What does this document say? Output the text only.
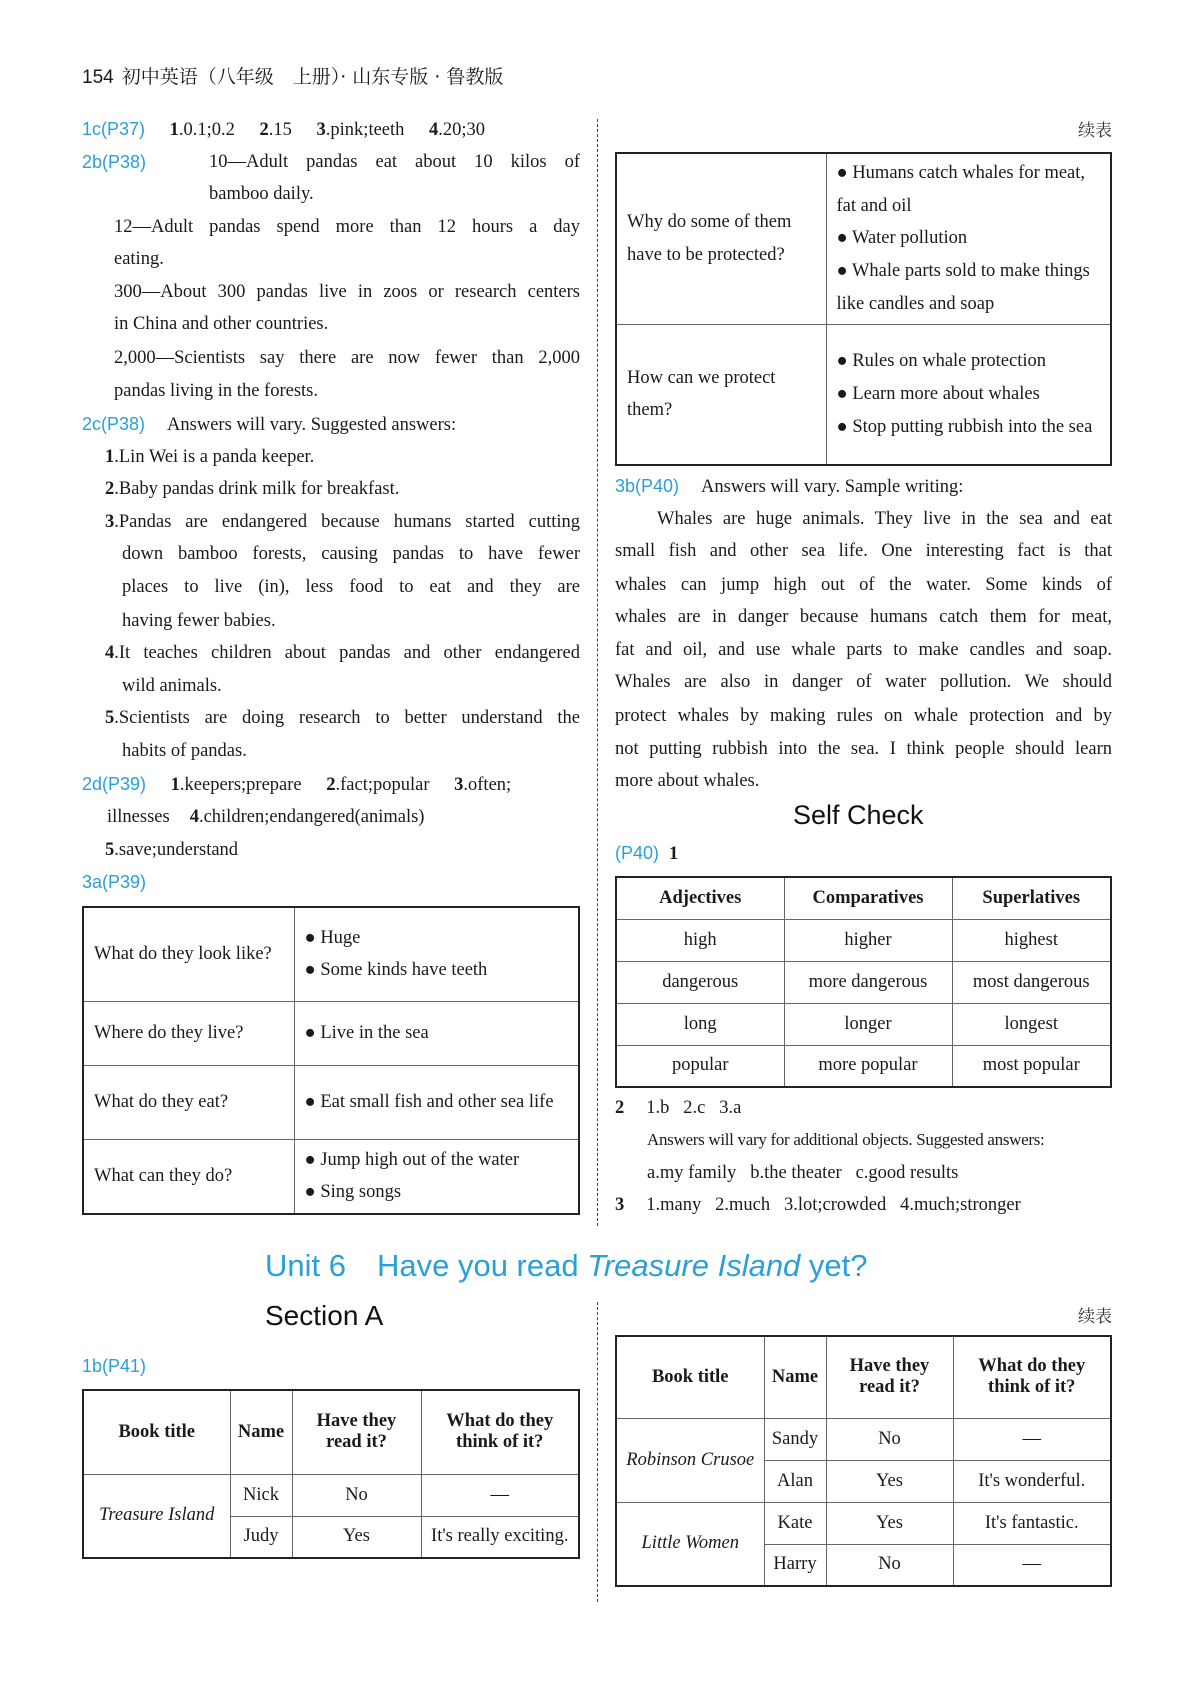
154 初中英语（八年级　上册）· 山东专版 · 鲁教版
1c(P37) 1.0.1;0.2 2.15 3.pink;teeth 4.20;30
2b(P38)	10—Adult pandas eat about 10 kilos of
bamboo daily.
12—Adult pandas spend more than 12 hours a day
eating.
300—About 300 pandas live in zoos or research centers
in China and other countries.
2,000—Scientists say there are now fewer than 2,000
pandas living in the forests.
2c(P38) Answers will vary. Suggested answers:
1.Lin Wei is a panda keeper.
2.Baby pandas drink milk for breakfast.
3.Pandas are endangered because humans started cutting
down bamboo forests, causing pandas to have fewer
places to live (in), less food to eat and they are
having fewer babies.
4.It teaches children about pandas and other endangered
wild animals.
5.Scientists are doing research to better understand the
habits of pandas.
2d(P39) 1.keepers;prepare 2.fact;popular 3.often;
illnesses 4.children;endangered(animals)
5.save;understand
3a(P39)
What do they look like?	● Huge
● Some kinds have teeth

Where do they live?	● Live in the sea

What do they eat?	● Eat small fish and other sea life

What can they do?	● Jump high out of the water
● Sing songs
续表
Why do some of them have to be protected?	● Humans catch whales for meat, fat and oil
● Water pollution
● Whale parts sold to make things like candles and soap

How can we protect them?	● Rules on whale protection
● Learn more about whales
● Stop putting rubbish into the sea
3b(P40) Answers will vary. Sample writing:
Whales are huge animals. They live in the sea and eat
small fish and other sea life. One interesting fact is that
whales can jump high out of the water. Some kinds of
whales are in danger because humans catch them for meat,
fat and oil, and use whale parts to make candles and soap.
Whales are also in danger of water pollution. We should
protect whales by making rules on whale protection and by
not putting rubbish into the sea. I think people should learn
more about whales.
Self Check
(P40) 1
Adjectives	Comparatives	Superlatives
high	higher	highest
dangerous	more dangerous	most dangerous
long	longer	longest
popular	more popular	most popular
2 1.b   2.c   3.a
Answers will vary for additional objects. Suggested answers:
a.my family   b.the theater   c.good results
3 1.many   2.much   3.lot;crowded   4.much;stronger
Unit 6　Have you read Treasure Island yet?
Section A	续表
1b(P41)
Book title	Name	Have they read it?	What do they think of it?
Treasure Island	Nick	No	—
	Judy	Yes	It's really exciting.
Book title	Name	Have they read it?	What do they think of it?
Robinson Crusoe	Sandy	No	—
	Alan	Yes	It's wonderful.
Little Women	Kate	Yes	It's fantastic.
	Harry	No	—
